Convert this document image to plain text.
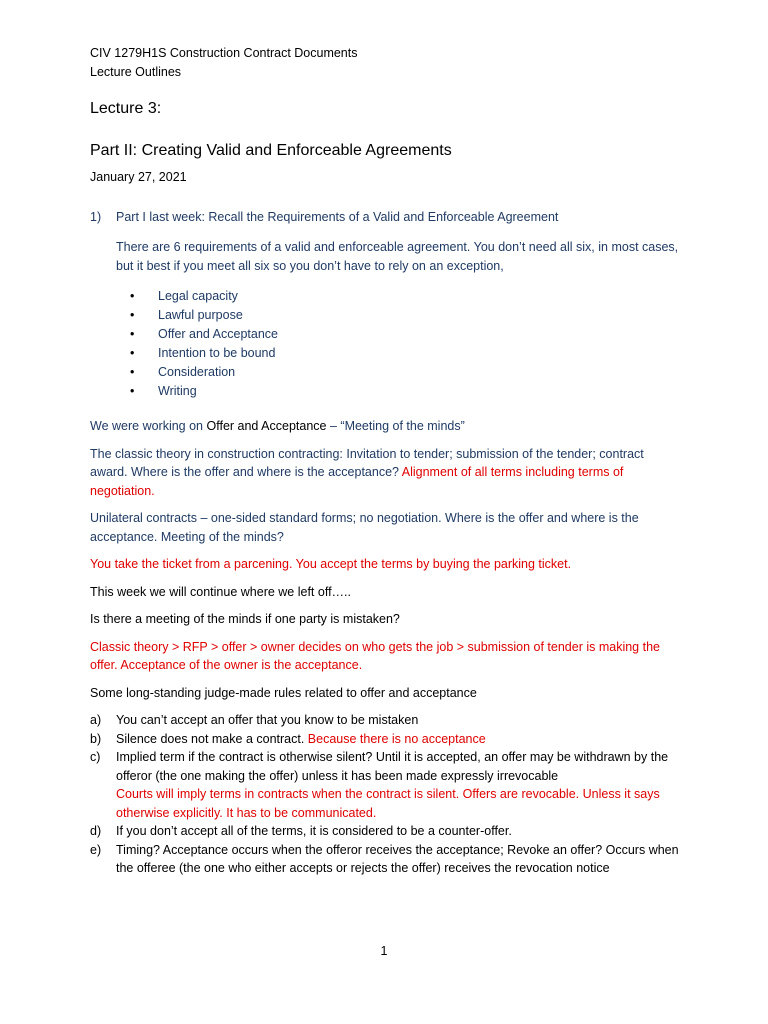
CIV 1279H1S Construction Contract Documents
Lecture Outlines
Lecture 3:
Part II: Creating Valid and Enforceable Agreements
January 27, 2021
1)	Part I last week: Recall the Requirements of a Valid and Enforceable Agreement

There are 6 requirements of a valid and enforceable agreement. You don’t need all six, in most cases, but it best if you meet all six so you don’t have to rely on an exception,

• Legal capacity
• Lawful purpose
• Offer and Acceptance
• Intention to be bound
• Consideration
• Writing

We were working on Offer and Acceptance – “Meeting of the minds”

The classic theory in construction contracting: Invitation to tender; submission of the tender; contract award. Where is the offer and where is the acceptance? Alignment of all terms including terms of negotiation.

Unilateral contracts – one-sided standard forms; no negotiation. Where is the offer and where is the acceptance. Meeting of the minds?

You take the ticket from a parcening. You accept the terms by buying the parking ticket.

This week we will continue where we left off…..

Is there a meeting of the minds if one party is mistaken?

Classic theory > RFP > offer > owner decides on who gets the job > submission of tender is making the offer. Acceptance of the owner is the acceptance.

Some long-standing judge-made rules related to offer and acceptance

a)	You can’t accept an offer that you know to be mistaken
b)	Silence does not make a contract. Because there is no acceptance
c)	Implied term if the contract is otherwise silent? Until it is accepted, an offer may be withdrawn by the offeror (the one making the offer) unless it has been made expressly irrevocable
Courts will imply terms in contracts when the contract is silent. Offers are revocable. Unless it says otherwise explicitly. It has to be communicated.
d)	If you don’t accept all of the terms, it is considered to be a counter-offer.
e)	Timing? Acceptance occurs when the offeror receives the acceptance; Revoke an offer? Occurs when the offeree (the one who either accepts or rejects the offer) receives the revocation notice
1
